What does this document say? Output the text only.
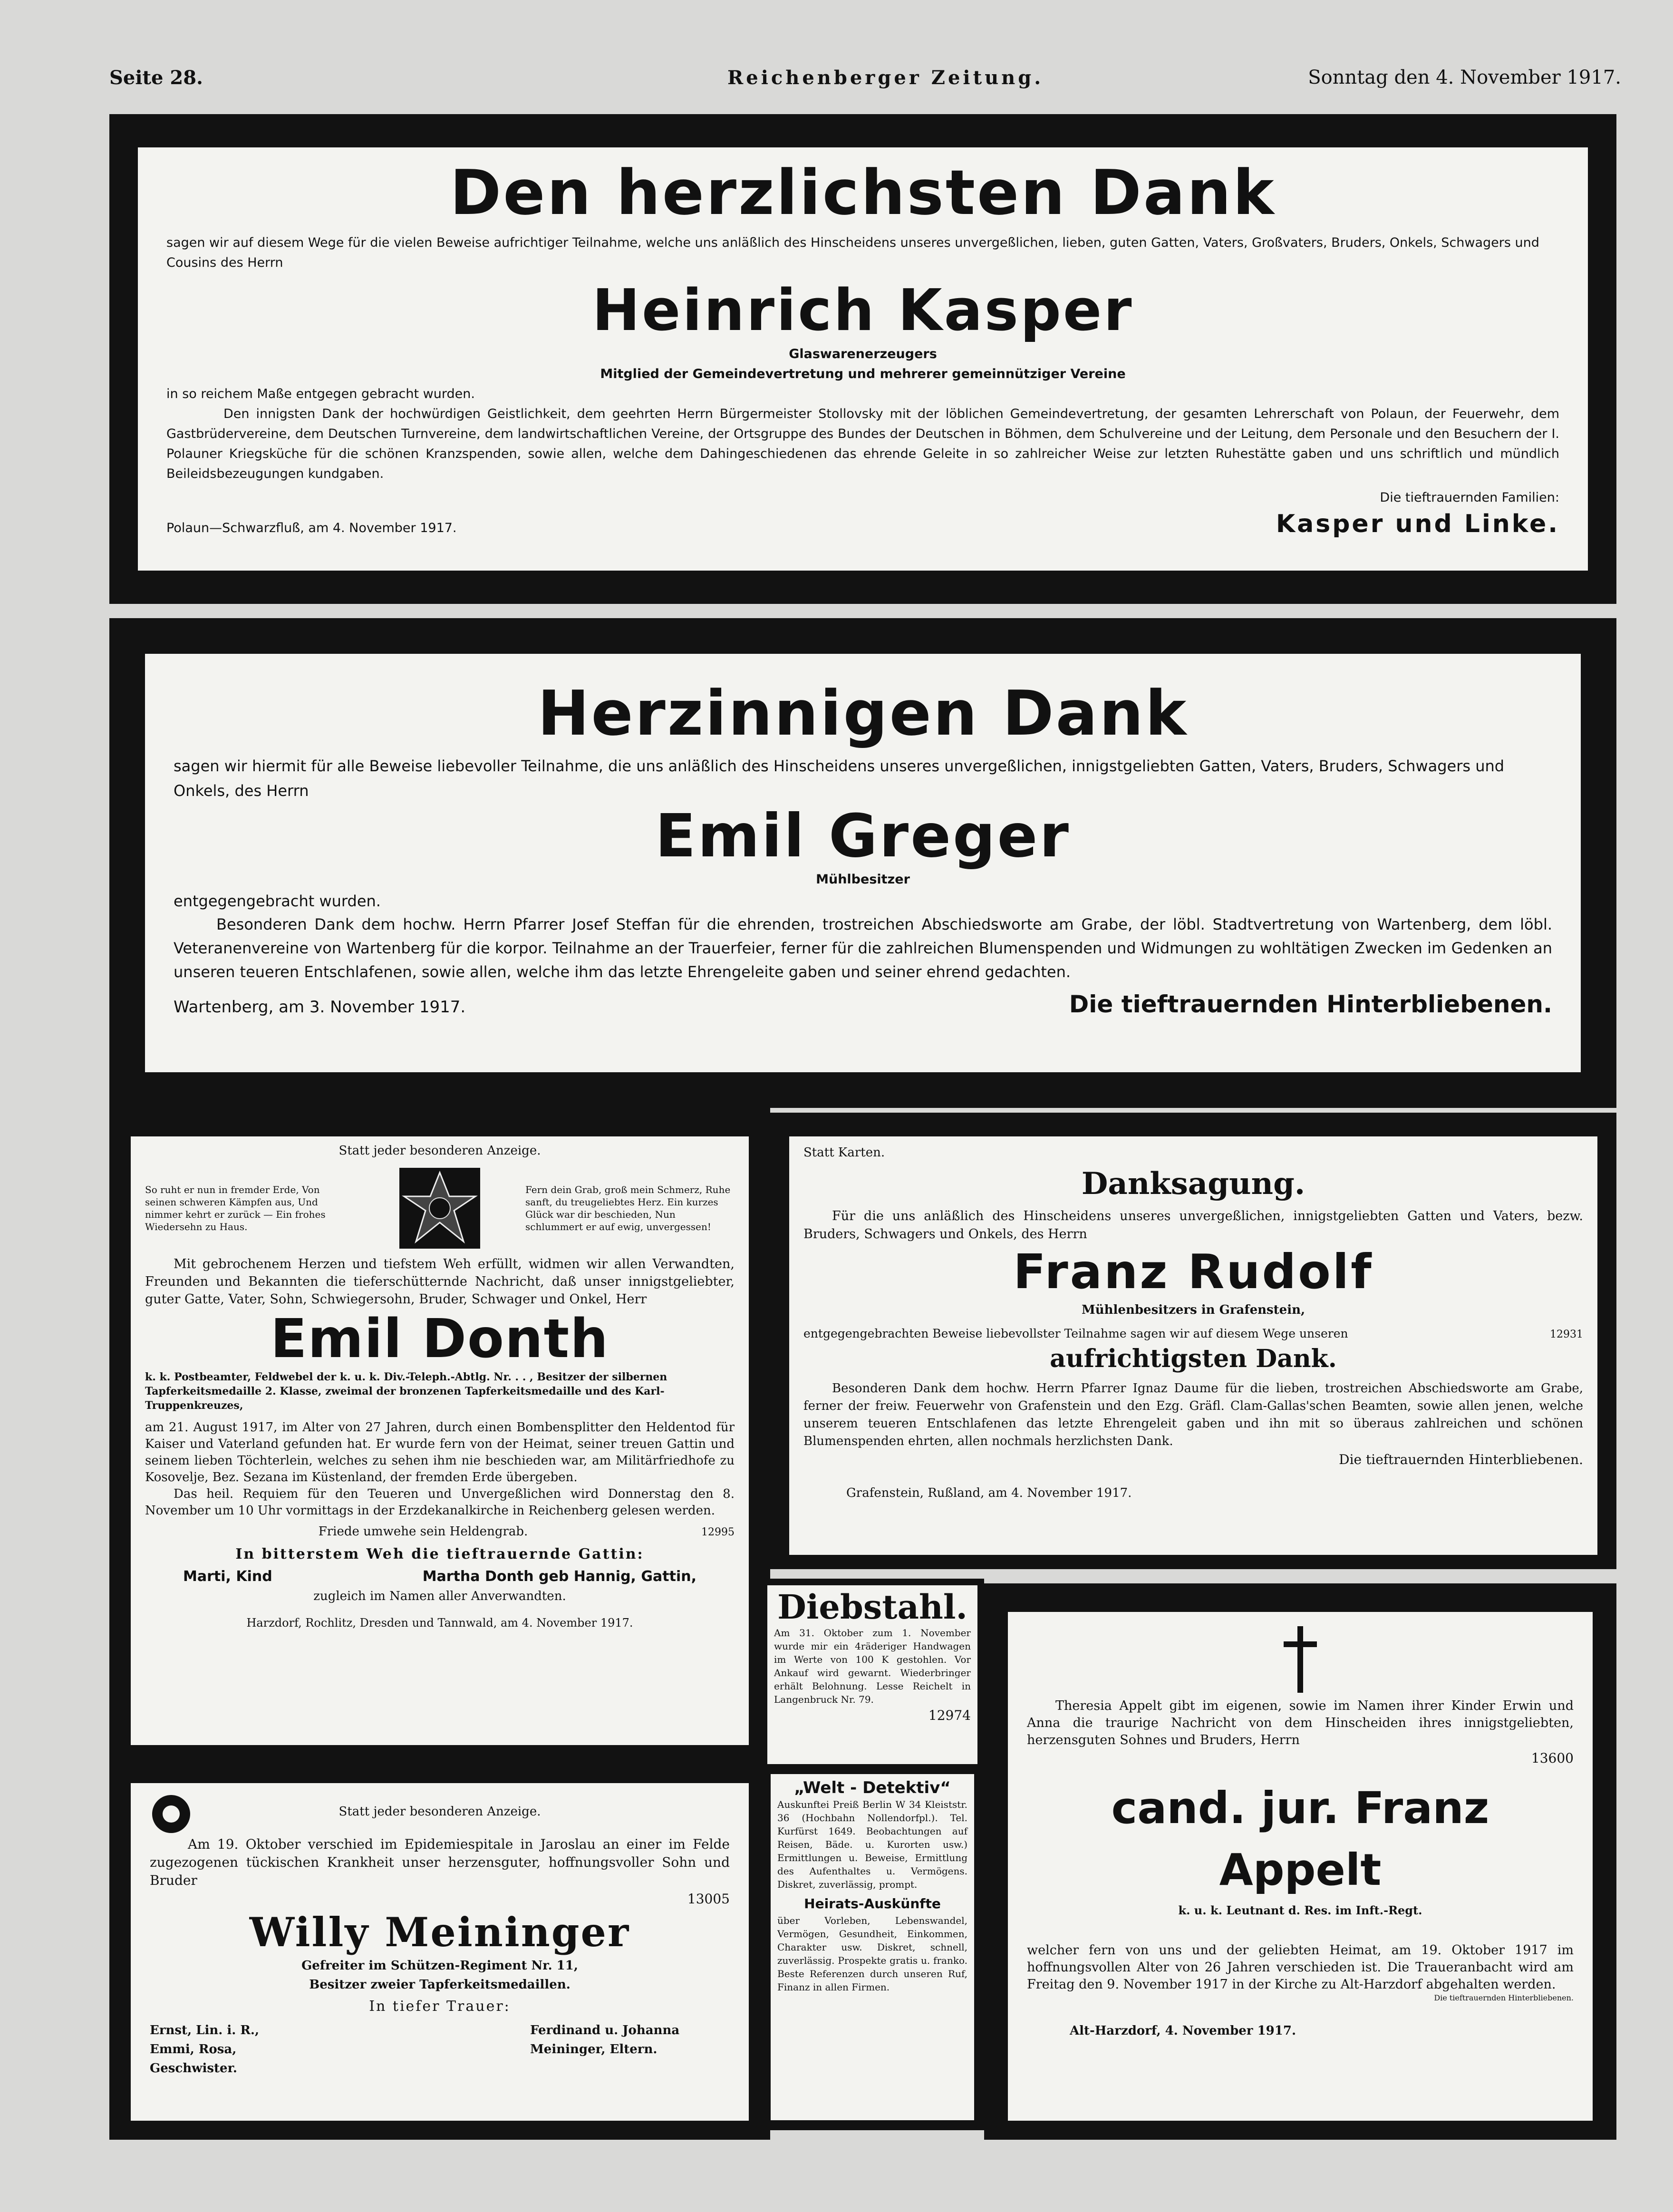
Seite 28.	Reichenberger Zeitung.	Sonntag den 4. November 1917.
Den herzlichsten Dank

sagen wir auf diesem Wege für die vielen Beweise aufrichtiger Teilnahme, welche uns anläßlich des Hinscheidens unseres unvergeßlichen, lieben, guten Gatten, Vaters, Großvaters, Bruders, Onkels, Schwagers und Cousins des Herrn

Heinrich Kasper
Glaswarenerzeugers
Mitglied der Gemeindevertretung und mehrerer gemeinnütziger Vereine

in so reichem Maße entgegen gebracht wurden.

Den innigsten Dank der hochwürdigen Geistlichkeit, dem geehrten Herrn Bürgermeister Stollovsky mit der löblichen Gemeindevertretung, der gesamten Lehrerschaft von Polaun, der Feuerwehr, dem Gastbrüdervereine, dem Deutschen Turnvereine, dem landwirtschaftlichen Vereine, der Ortsgruppe des Bundes der Deutschen in Böhmen, dem Schulvereine und der Leitung, dem Personale und den Besuchern der I. Polauner Kriegsküche für die schönen Kranzspenden, sowie allen, welche dem Dahingeschiedenen das ehrende Geleite in so zahlreicher Weise zur letzten Ruhestätte gaben und uns schriftlich und mündlich Beileidsbezeugungen kundgaben.

Die tieftrauernden Familien:
Polaun—Schwarzfluß, am 4. November 1917.	Kasper und Linke.
Herzinnigen Dank

sagen wir hiermit für alle Beweise liebevoller Teilnahme, die uns anläßlich des Hinscheidens unseres unvergeßlichen, innigstgeliebten Gatten, Vaters, Bruders, Schwagers und Onkels, des Herrn

Emil Greger
Mühlbesitzer

entgegengebracht wurden.

Besonderen Dank dem hochw. Herrn Pfarrer Josef Steffan für die ehrenden, trostreichen Abschiedsworte am Grabe, der löbl. Stadtvertretung von Wartenberg, dem löbl. Veteranenvereine von Wartenberg für die korpor. Teilnahme an der Trauerfeier, ferner für die zahlreichen Blumenspenden und Widmungen zu wohltätigen Zwecken im Gedenken an unseren teueren Entschlafenen, sowie allen, welche ihm das letzte Ehrengeleite gaben und seiner ehrend gedachten.

Wartenberg, am 3. November 1917.	Die tieftrauernden Hinterbliebenen.
Statt jeder besonderen Anzeige.

So ruht er nun in fremder Erde, Von seinen schweren Kämpfen aus, Und nimmer kehrt er zurück — Ein frohes Wiedersehn zu Haus.

Fern dein Grab, groß mein Schmerz, Ruhe sanft, du treugeliebtes Herz. Ein kurzes Glück war dir beschieden, Nun schlummert er auf ewig, unvergessen!

Mit gebrochenem Herzen und tiefstem Weh erfüllt, widmen wir allen Verwandten, Freunden und Bekannten die tieferschütternde Nachricht, daß unser innigstgeliebter, guter Gatte, Vater, Sohn, Schwiegersohn, Bruder, Schwager und Onkel, Herr

Emil Donth

k. k. Postbeamter, Feldwebel der k. u. k. Div.-Teleph.-Abtlg. Nr. . . , Besitzer der silbernen Tapferkeitsmedaille 2. Klasse, zweimal der bronzenen Tapferkeitsmedaille und des Karl-Truppenkreuzes,

am 21. August 1917, im Alter von 27 Jahren, durch einen Bombensplitter den Heldentod für Kaiser und Vaterland gefunden hat. Er wurde fern von der Heimat, seiner treuen Gattin und seinem lieben Töchterlein, welches zu sehen ihm nie beschieden war, am Militärfriedhofe zu Kosovelje, Bez. Sezana im Küstenland, der fremden Erde übergeben.

Das heil. Requiem für den Teueren und Unvergeßlichen wird Donnerstag den 8. November um 10 Uhr vormittags in der Erzdekanalkirche in Reichenberg gelesen werden.

Friede umwehe sein Heldengrab.	12995
In bitterstem Weh die tieftrauernde Gattin:
Marti, Kind	Martha Donth geb Hannig, Gattin,
zugleich im Namen aller Anverwandten.
Harzdorf, Rochlitz, Dresden und Tannwald, am 4. November 1917.
Statt Karten.
Danksagung.

Für die uns anläßlich des Hinscheidens unseres unvergeßlichen, innigstgeliebten Gatten und Vaters, bezw. Bruders, Schwagers und Onkels, des Herrn

Franz Rudolf
Mühlenbesitzers in Grafenstein,
entgegengebrachten Beweise liebevollster Teilnahme sagen wir auf diesem Wege unseren	12931
aufrichtigsten Dank.

Besonderen Dank dem hochw. Herrn Pfarrer Ignaz Daume für die lieben, trostreichen Abschiedsworte am Grabe, ferner der freiw. Feuerwehr von Grafenstein und den Ezg. Gräfl. Clam-Gallas'schen Beamten, sowie allen jenen, welche unserem teueren Entschlafenen das letzte Ehrengeleit gaben und ihn mit so überaus zahlreichen und schönen Blumenspenden ehrten, allen nochmals herzlichsten Dank.

Die tieftrauernden Hinterbliebenen.
Grafenstein, Rußland, am 4. November 1917.
Diebstahl.

Am 31. Oktober zum 1. November wurde mir ein 4räderiger Handwagen im Werte von 100 K gestohlen. Vor Ankauf wird gewarnt. Wiederbringer erhält Belohnung. Lesse Reichelt in Langenbruck Nr. 79.

12974
„Welt - Detektiv“

Auskunftei Preiß Berlin W 34 Kleiststr. 36 (Hochbahn Nollendorfpl.). Tel. Kurfürst 1649. Beobachtungen auf Reisen, Bäde. u. Kurorten usw.) Ermittlungen u. Beweise, Ermittlung des Aufenthaltes u. Vermögens. Diskret, zuverlässig, prompt.

Heirats-Auskünfte

über Vorleben, Lebenswandel, Vermögen, Gesundheit, Einkommen, Charakter usw. Diskret, schnell, zuverlässig. Prospekte gratis u. franko. Beste Referenzen durch unseren Ruf, Finanz in allen Firmen.

Statt jeder besonderen Anzeige.

Am 19. Oktober verschied im Epidemiespitale in Jaroslau an einer im Felde zugezogenen tückischen Krankheit unser herzensguter, hoffnungsvoller Sohn und Bruder

13005
Willy Meininger
Gefreiter im Schützen-Regiment Nr. 11,
Besitzer zweier Tapferkeitsmedaillen.
In tiefer Trauer:

Ernst, Lin. i. R., Emmi, Rosa, Geschwister.

Ferdinand u. Johanna Meininger, Eltern.

Theresia Appelt gibt im eigenen, sowie im Namen ihrer Kinder Erwin und Anna die traurige Nachricht von dem Hinscheiden ihres innigstgeliebten, herzensguten Sohnes und Bruders, Herrn

13600
cand. jur. Franz Appelt
k. u. k. Leutnant d. Res. im Inft.-Regt.

welcher fern von uns und der geliebten Heimat, am 19. Oktober 1917 im hoffnungsvollen Alter von 26 Jahren verschieden ist. Die Traueranbacht wird am Freitag den 9. November 1917 in der Kirche zu Alt-Harzdorf abgehalten werden.

Die tieftrauernden Hinterbliebenen.
Alt-Harzdorf, 4. November 1917.
